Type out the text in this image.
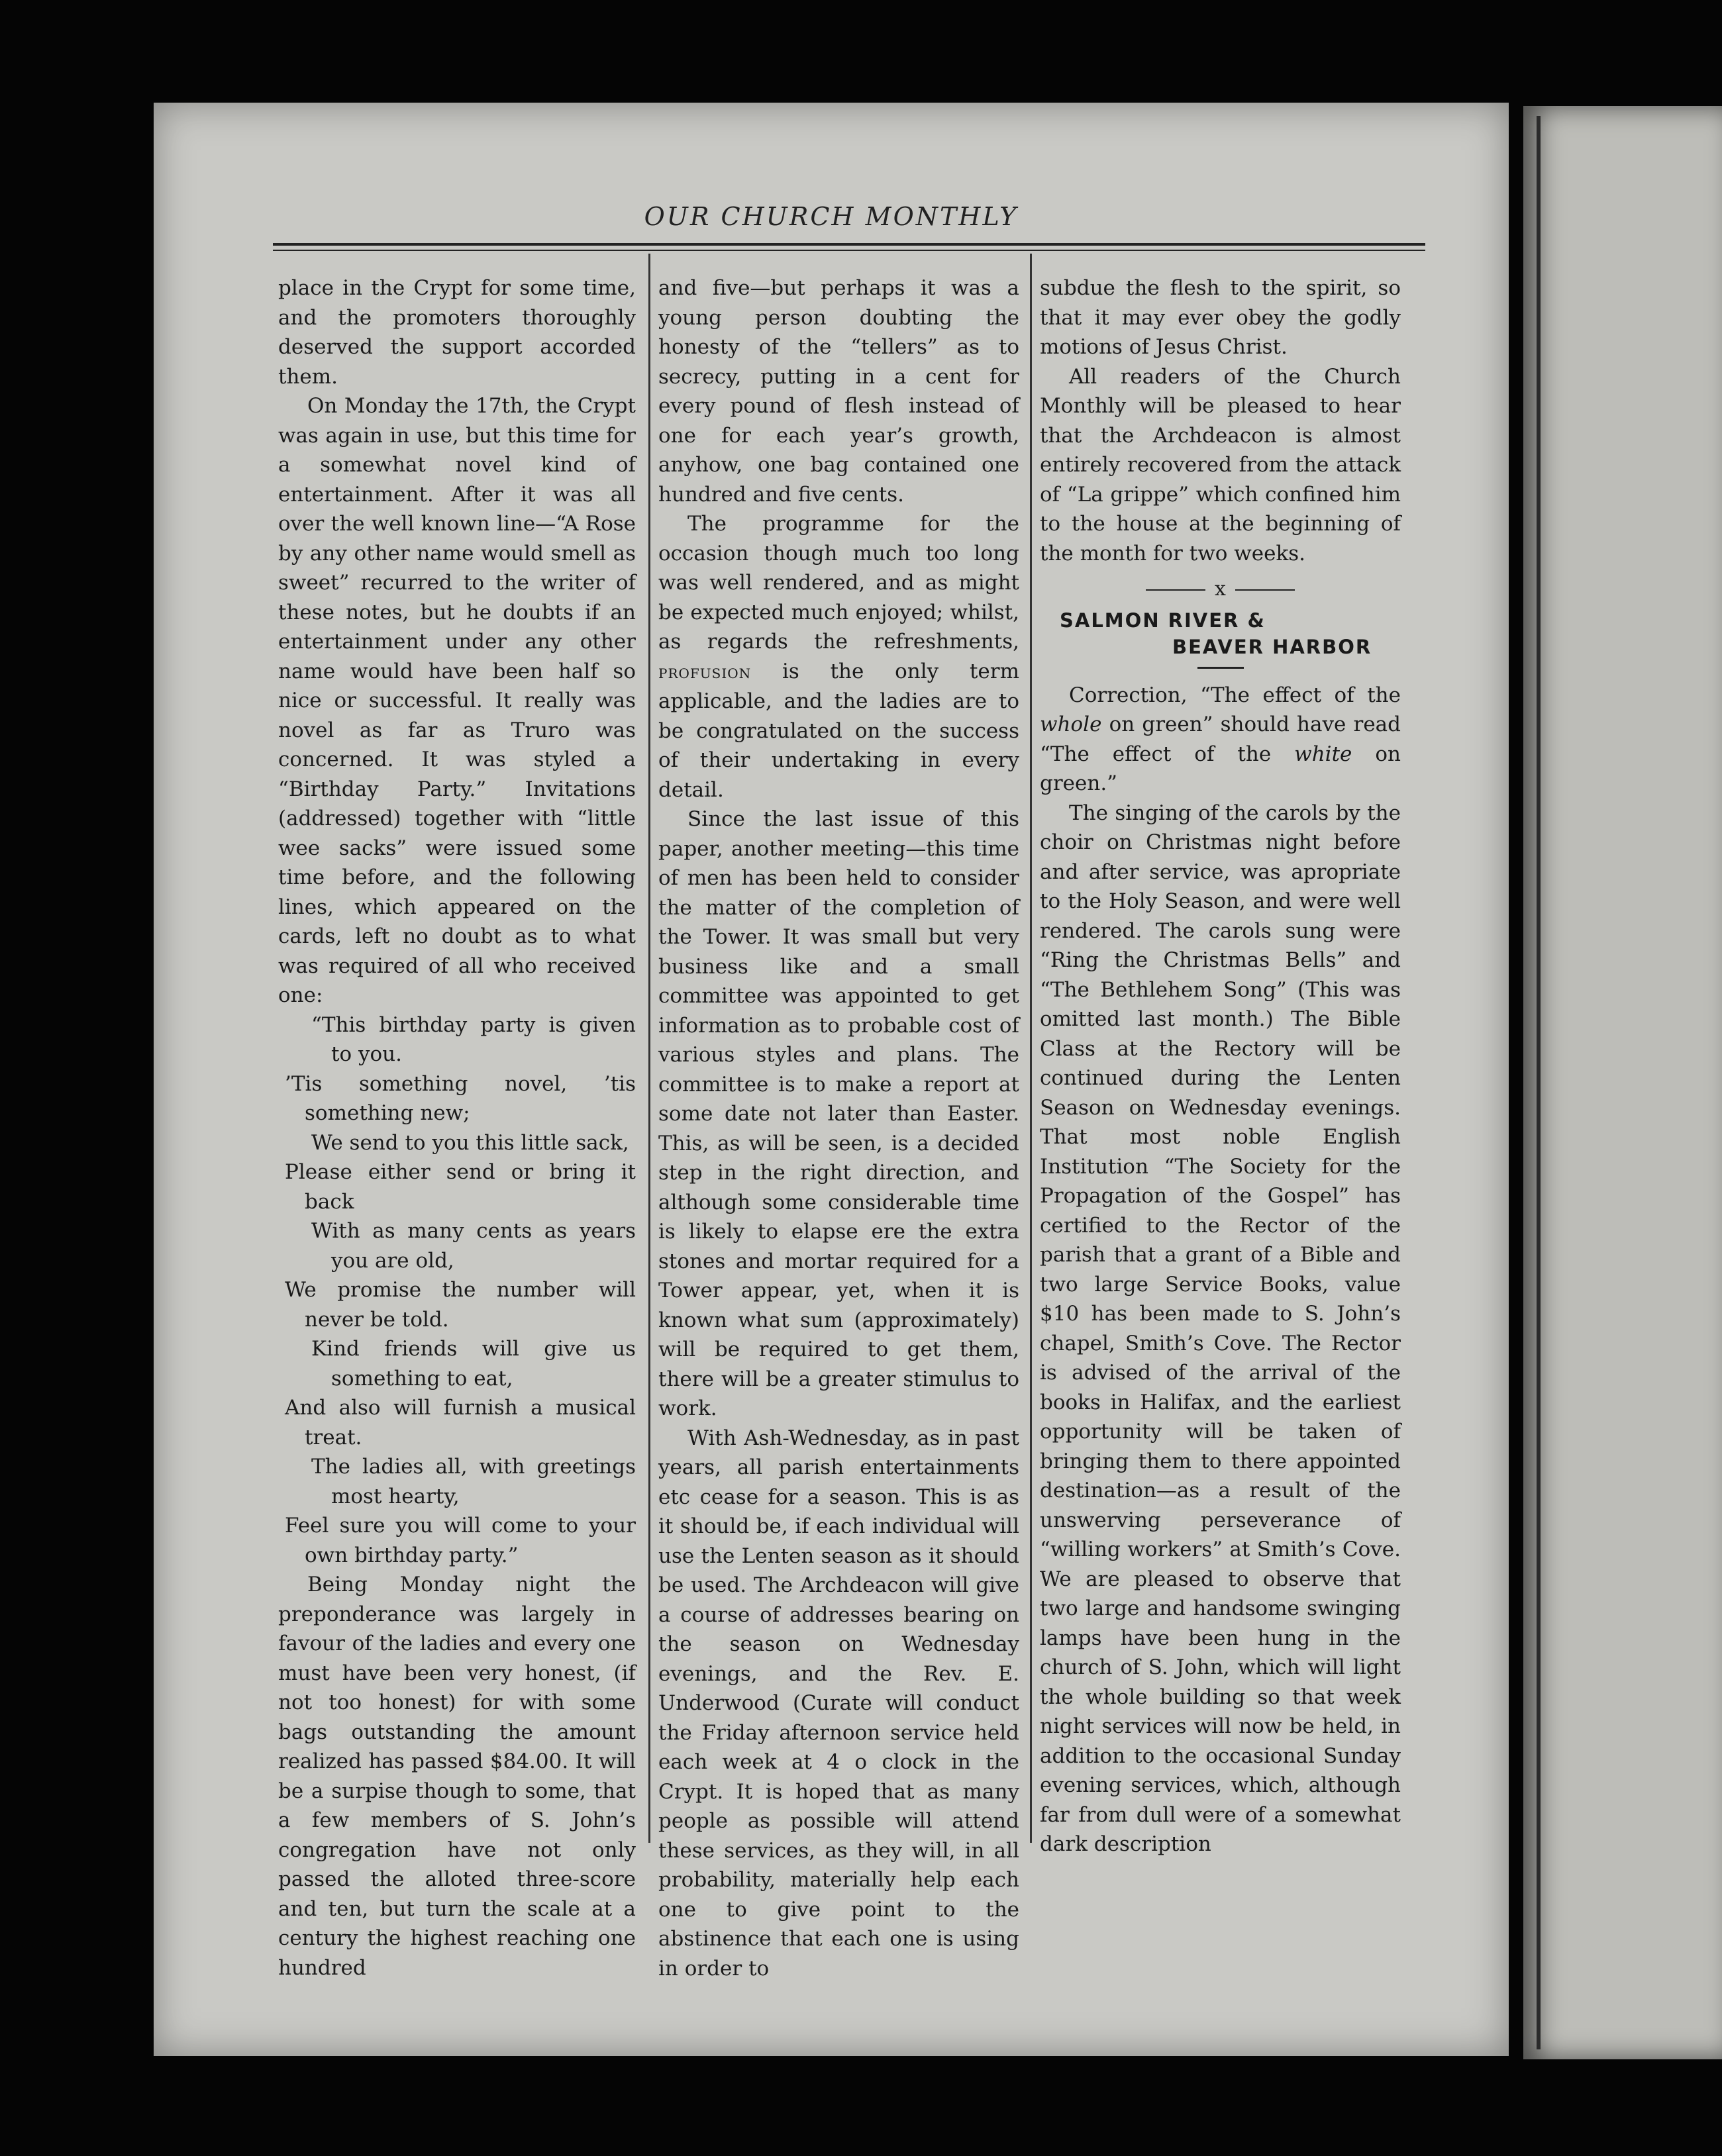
OUR CHURCH MONTHLY

place in the Crypt for some time, and the promoters thoroughly deserved the support accorded them.

On Monday the 17th, the Crypt was again in use, but this time for a somewhat novel kind of entertainment. After it was all over the well known line—“A Rose by any other name would smell as sweet” recurred to the writer of these notes, but he doubts if an entertainment under any other name would have been half so nice or successful. It really was novel as far as Truro was concerned. It was styled a “Birthday Party.” Invitations (addressed) together with “little wee sacks” were issued some time before, and the following lines, which appeared on the cards, left no doubt as to what was required of all who received one:

“This birthday party is given to you.
’Tis something novel, ’tis something new;
We send to you this little sack,
Please either send or bring it back
With as many cents as years you are old,
We promise the number will never be told.
Kind friends will give us something to eat,
And also will furnish a musical treat.
The ladies all, with greetings most hearty,
Feel sure you will come to your own birthday party.”

Being Monday night the preponderance was largely in favour of the ladies and every one must have been very honest, (if not too honest) for with some bags outstanding the amount realized has passed $84.00. It will be a surpise though to some, that a few members of S. John’s congregation have not only passed the alloted three-score and ten, but turn the scale at a century the highest reaching one hundred

and five—but perhaps it was a young person doubting the honesty of the “tellers” as to secrecy, putting in a cent for every pound of flesh instead of one for each year’s growth, anyhow, one bag contained one hundred and five cents.

The programme for the occasion though much too long was well rendered, and as might be expected much enjoyed; whilst, as regards the refreshments, profusion is the only term applicable, and the ladies are to be congratulated on the success of their undertaking in every detail.

Since the last issue of this paper, another meeting—this time of men has been held to consider the matter of the completion of the Tower. It was small but very business like and a small committee was appointed to get information as to probable cost of various styles and plans. The committee is to make a report at some date not later than Easter. This, as will be seen, is a decided step in the right direction, and although some considerable time is likely to elapse ere the extra stones and mortar required for a Tower appear, yet, when it is known what sum (approximately) will be required to get them, there will be a greater stimulus to work.

With Ash-Wednesday, as in past years, all parish entertainments etc cease for a season. This is as it should be, if each individual will use the Lenten season as it should be used. The Archdeacon will give a course of addresses bearing on the season on Wednesday evenings, and the Rev. E. Underwood (Curate will conduct the Friday afternoon service held each week at 4 o clock in the Crypt. It is hoped that as many people as possible will attend these services, as they will, in all probability, materially help each one to give point to the abstinence that each one is using in order to

subdue the flesh to the spirit, so that it may ever obey the godly motions of Jesus Christ.

All readers of the Church Monthly will be pleased to hear that the Archdeacon is almost entirely recovered from the attack of “La grippe” which confined him to the house at the beginning of the month for two weeks.

x
SALMON RIVER &
BEAVER HARBOR

Correction, “The effect of the whole on green” should have read “The effect of the white on green.”

The singing of the carols by the choir on Christmas night before and after service, was apropriate to the Holy Season, and were well rendered. The carols sung were “Ring the Christmas Bells” and “The Bethlehem Song” (This was omitted last month.) The Bible Class at the Rectory will be continued during the Lenten Season on Wednesday evenings. That most noble English Institution “The Society for the Propagation of the Gospel” has certified to the Rector of the parish that a grant of a Bible and two large Service Books, value $10 has been made to S. John’s chapel, Smith’s Cove. The Rector is advised of the arrival of the books in Halifax, and the earliest opportunity will be taken of bringing them to there appointed destination—as a result of the unswerving perseverance of “willing workers” at Smith’s Cove. We are pleased to observe that two large and handsome swinging lamps have been hung in the church of S. John, which will light the whole building so that week night services will now be held, in addition to the occasional Sunday evening services, which, although far from dull were of a somewhat dark description
